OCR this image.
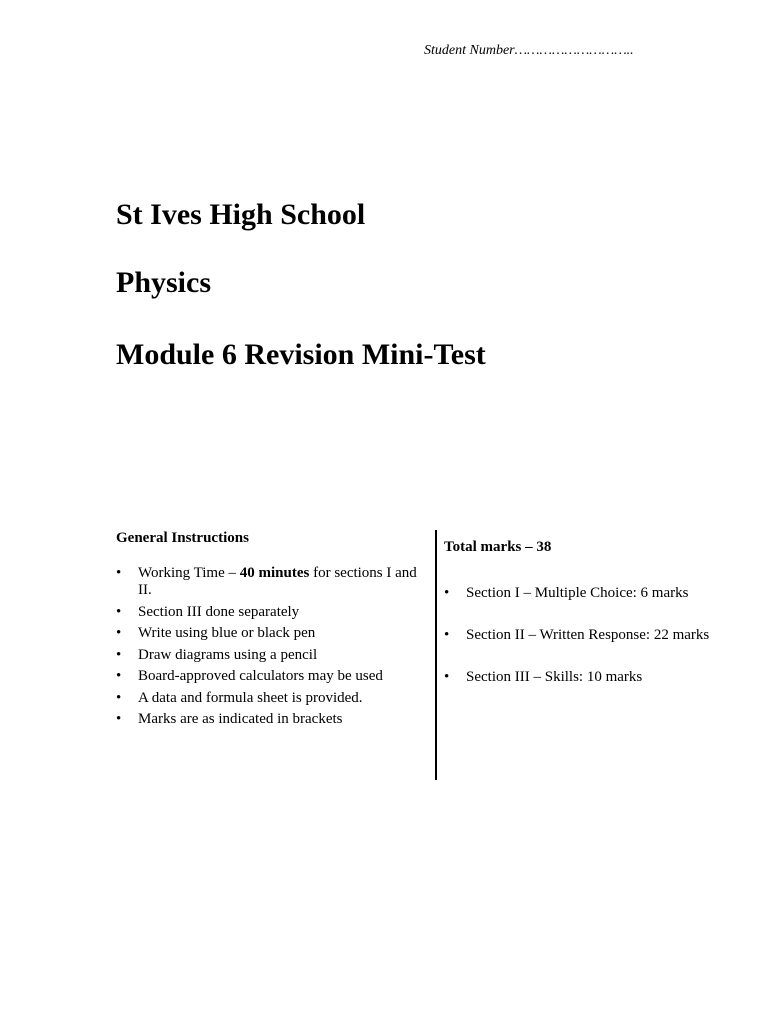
Student Number………………………..
St Ives High School
Physics
Module 6 Revision Mini-Test
General Instructions
• Working Time – 40 minutes for sections I and II.
• Section III done separately
• Write using blue or black pen
• Draw diagrams using a pencil
• Board-approved calculators may be used
• A data and formula sheet is provided.
• Marks are as indicated in brackets
Total marks – 38
• Section I – Multiple Choice: 6 marks
• Section II – Written Response: 22 marks
• Section III – Skills: 10 marks
